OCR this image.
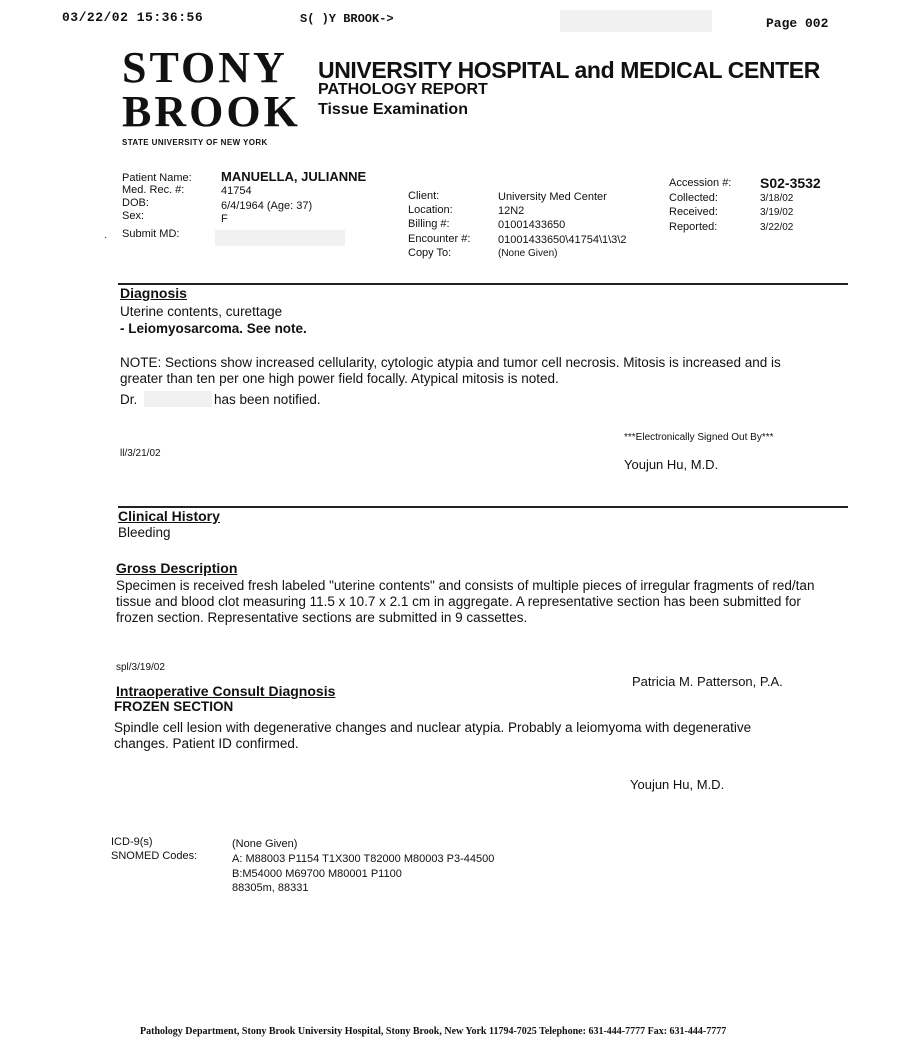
03/22/02 15:36:56	S( )Y BROOK->	Page 002
STONY
BROOK
STATE UNIVERSITY OF NEW YORK
UNIVERSITY HOSPITAL and MEDICAL CENTER
PATHOLOGY REPORT
Tissue Examination
Patient Name: MANUELLA, JULIANNE
Med. Rec. #:	41754
DOB:	6/4/1964 (Age: 37)
Sex:	F
Submit MD:
·
Client:	University Med Center
Location:	12N2
Billing #:	01001433650
Encounter #:	01001433650\41754\1\3\2
Copy To:	(None Given)
Accession #: S02-3532
Collected:	3/18/02
Received:	3/19/02
Reported:	3/22/02
Diagnosis
Uterine contents, curettage
- Leiomyosarcoma. See note.
NOTE: Sections show increased cellularity, cytologic atypia and tumor cell necrosis. Mitosis is increased and is greater than ten per one high power field focally. Atypical mitosis is noted.
Dr.	has been notified.
***Electronically Signed Out By***
ll/3/21/02
Youjun Hu, M.D.
Clinical History
Bleeding
Gross Description
Specimen is received fresh labeled "uterine contents" and consists of multiple pieces of irregular fragments of red/tan tissue and blood clot measuring 11.5 x 10.7 x 2.1 cm in aggregate. A representative section has been submitted for frozen section. Representative sections are submitted in 9 cassettes.
spl/3/19/02
Patricia M. Patterson, P.A.
Intraoperative Consult Diagnosis
FROZEN SECTION
Spindle cell lesion with degenerative changes and nuclear atypia. Probably a leiomyoma with degenerative changes. Patient ID confirmed.
Youjun Hu, M.D.
ICD-9(s)	(None Given)
SNOMED Codes:	A: M88003 P1154 T1X300 T82000 M80003 P3-44500
B:M54000 M69700 M80001 P1100
88305m, 88331
Pathology Department, Stony Brook University Hospital, Stony Brook, New York 11794-7025 Telephone: 631-444-7777 Fax: 631-444-7777
